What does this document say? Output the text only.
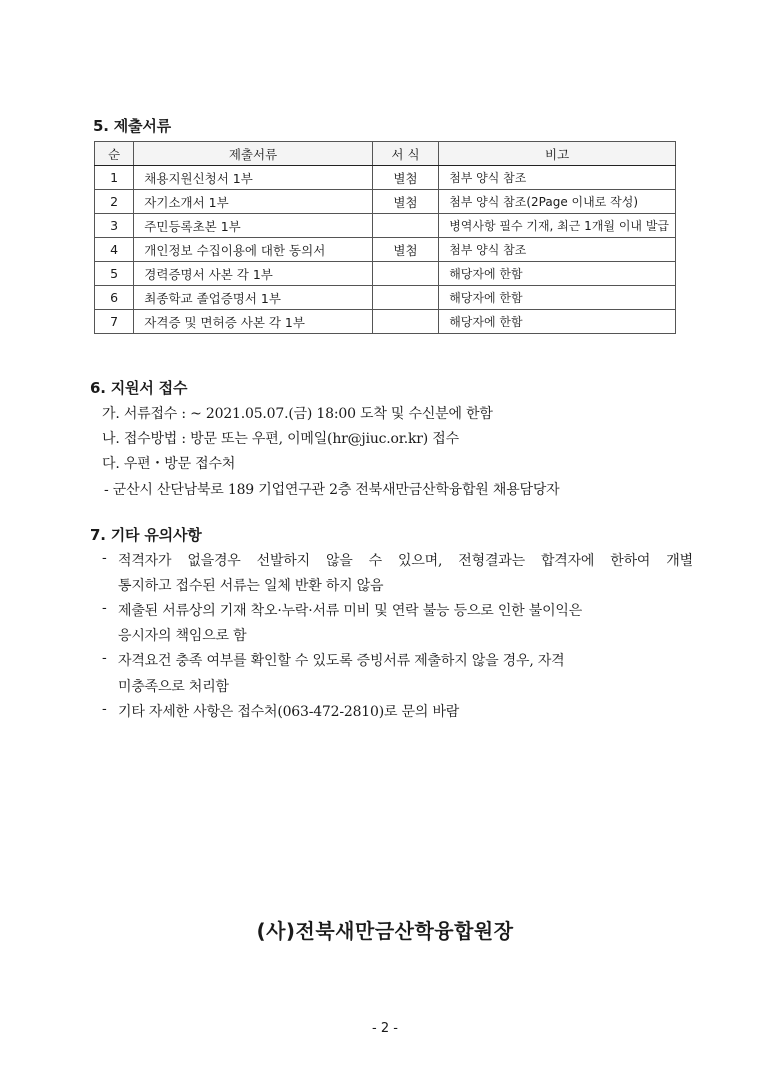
5. 제출서류
순	제출서류	서 식	비고
1	채용지원신청서 1부	별첨	첨부 양식 참조
2	자기소개서 1부	별첨	첨부 양식 참조(2Page 이내로 작성)
3	주민등록초본 1부		병역사항 필수 기재, 최근 1개월 이내 발급
4	개인정보 수집이용에 대한 동의서	별첨	첨부 양식 참조
5	경력증명서 사본 각 1부		해당자에 한함
6	최종학교 졸업증명서 1부		해당자에 한함
7	자격증 및 면허증 사본 각 1부		해당자에 한함
6. 지원서 접수
가. 서류접수 : ~ 2021.05.07.(금) 18:00 도착 및 수신분에 한함
나. 접수방법 : 방문 또는 우편, 이메일(hr@jiuc.or.kr) 접수
다. 우편・방문 접수처
- 군산시 산단남북로 189 기업연구관 2층 전북새만금산학융합원 채용담당자
7. 기타 유의사항
- 적격자가 없을경우 선발하지 않을 수 있으며, 전형결과는 합격자에 한하여 개별
통지하고 접수된 서류는 일체 반환 하지 않음
- 제출된 서류상의 기재 착오·누락·서류 미비 및 연락 불능 등으로 인한 불이익은
응시자의 책임으로 함
- 자격요건 충족 여부를 확인할 수 있도록 증빙서류 제출하지 않을 경우, 자격
미충족으로 처리함
- 기타 자세한 사항은 접수처(063-472-2810)로 문의 바람
(사)전북새만금산학융합원장
- 2 -
